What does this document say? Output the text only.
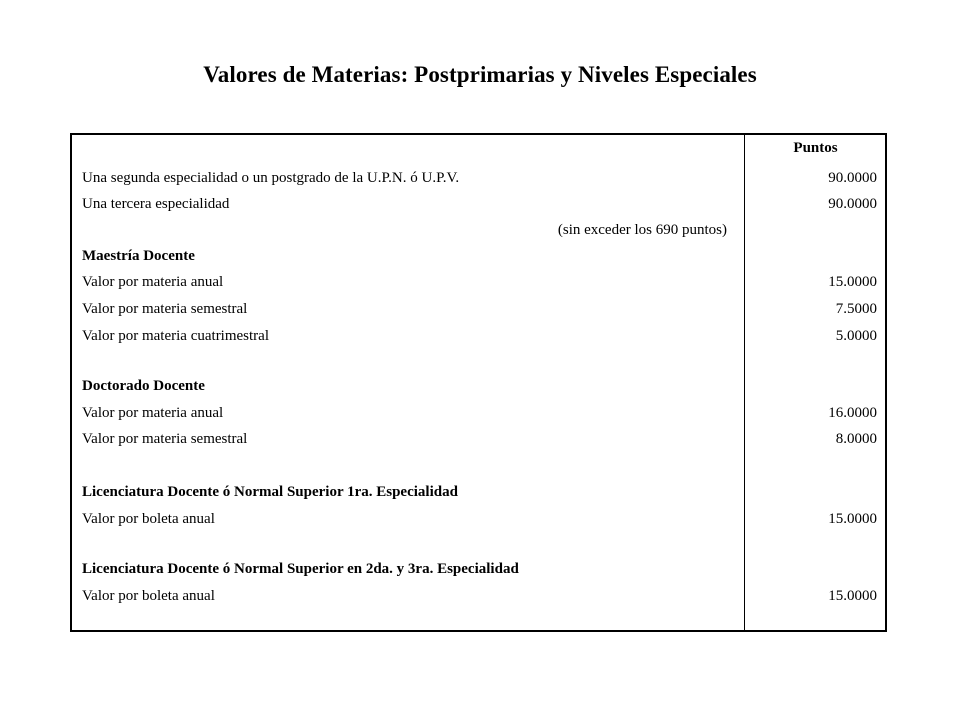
Valores de Materias: Postprimarias y Niveles Especiales
Puntos
Una segunda especialidad o un postgrado de la U.P.N. ó U.P.V.	90.0000
Una tercera especialidad	90.0000
(sin exceder los 690 puntos)
Maestría Docente
Valor por materia anual	15.0000
Valor por materia semestral	7.5000
Valor por materia cuatrimestral	5.0000
Doctorado Docente
Valor por materia anual	16.0000
Valor por materia semestral	8.0000
Licenciatura Docente ó Normal Superior 1ra. Especialidad
Valor por boleta anual	15.0000
Licenciatura Docente ó Normal Superior en 2da. y 3ra. Especialidad
Valor por boleta anual	15.0000
